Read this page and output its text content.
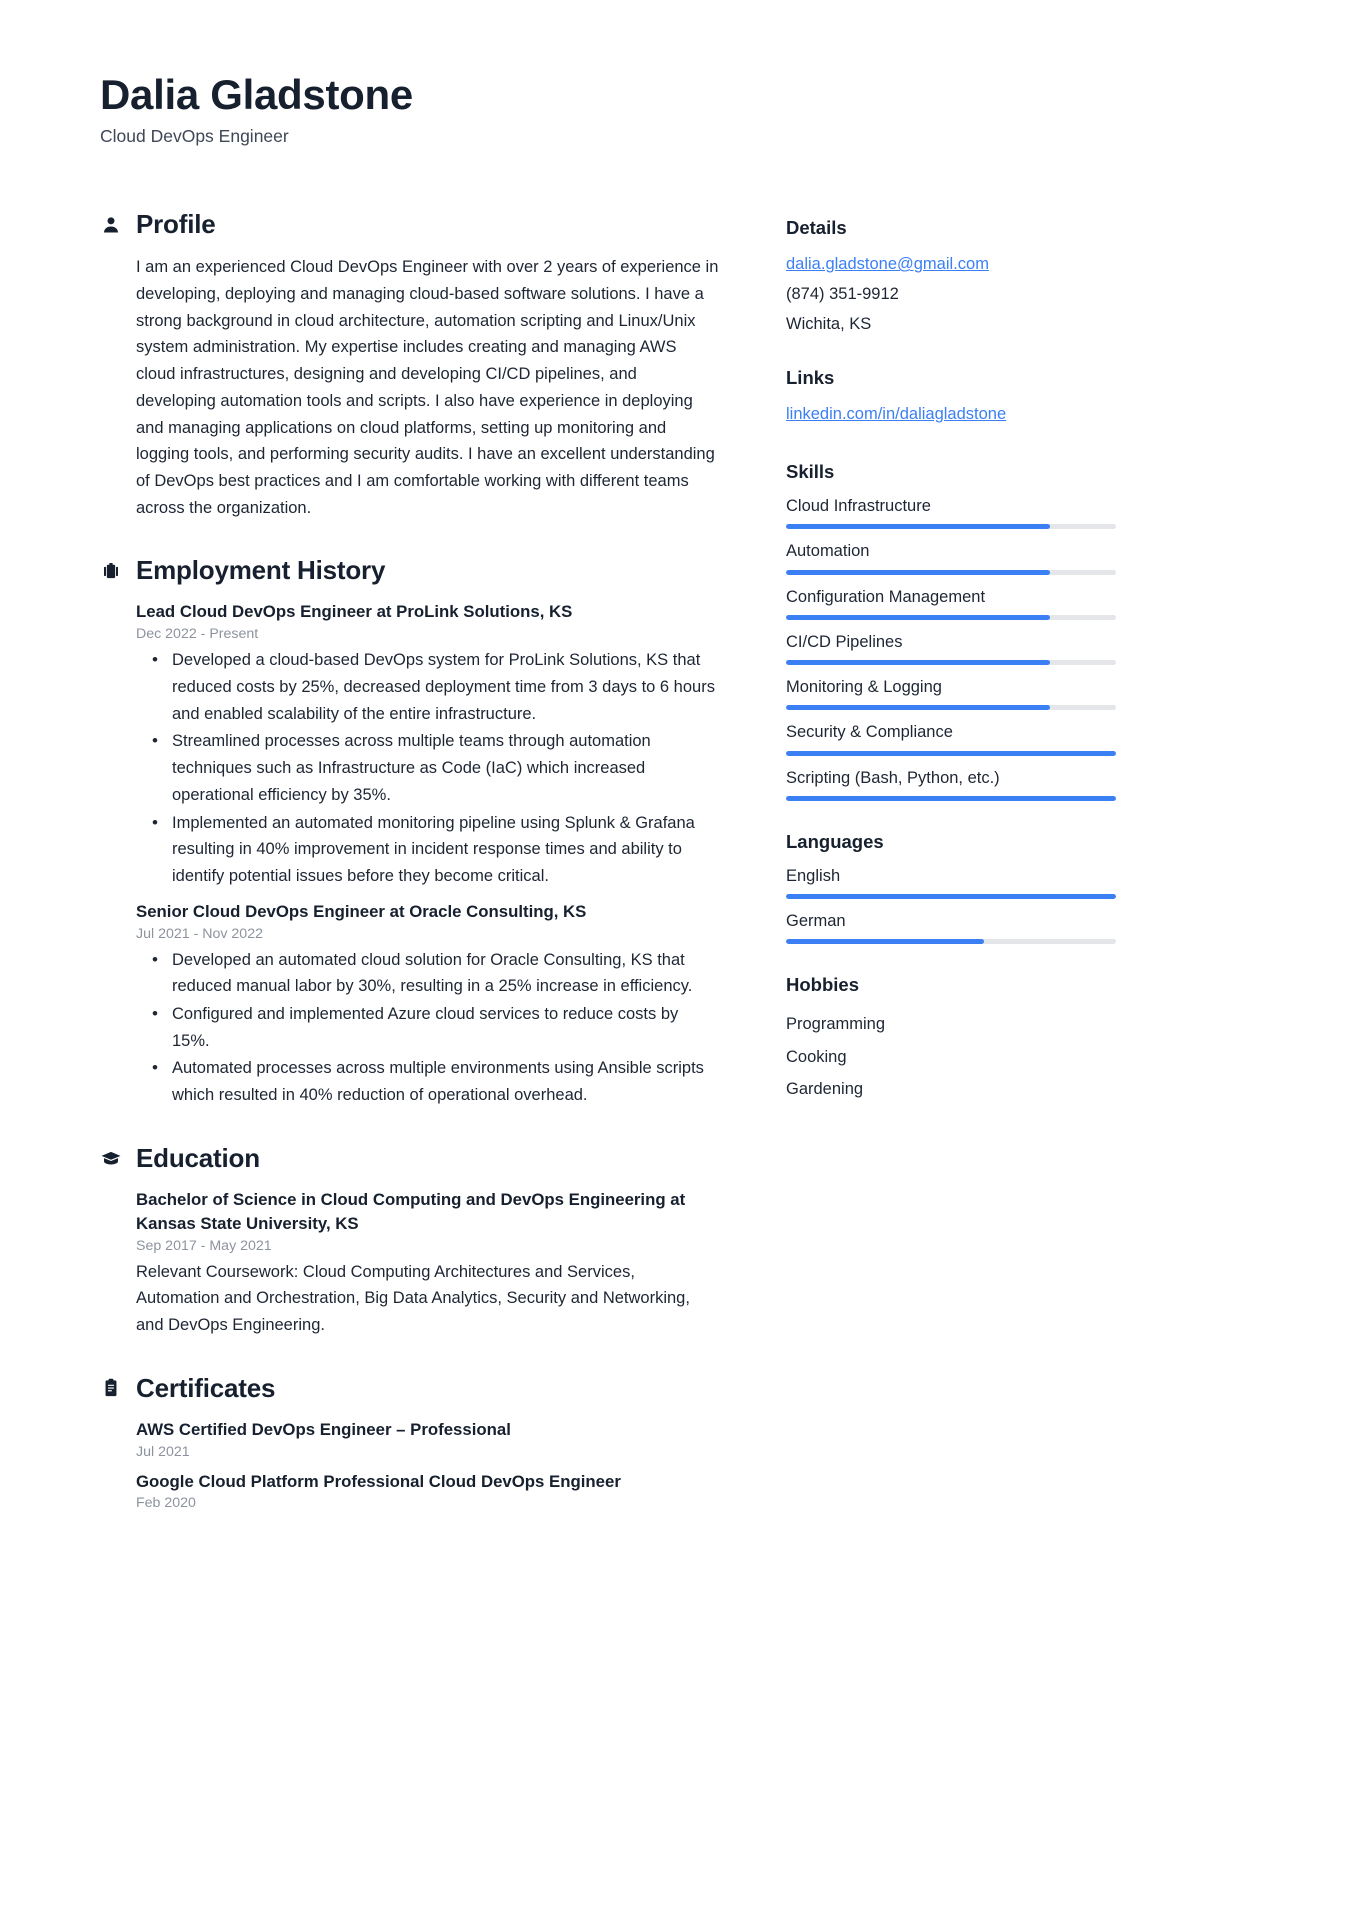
Dalia Gladstone
Cloud DevOps Engineer
Profile

I am an experienced Cloud DevOps Engineer with over 2 years of experience in developing, deploying and managing cloud-based software solutions. I have a strong background in cloud architecture, automation scripting and Linux/Unix system administration. My expertise includes creating and managing AWS cloud infrastructures, designing and developing CI/CD pipelines, and developing automation tools and scripts. I also have experience in deploying and managing applications on cloud platforms, setting up monitoring and logging tools, and performing security audits. I have an excellent understanding of DevOps best practices and I am comfortable working with different teams across the organization.

Employment History
Lead Cloud DevOps Engineer at ProLink Solutions, KS
Dec 2022 - Present
• Developed a cloud-based DevOps system for ProLink Solutions, KS that reduced costs by 25%, decreased deployment time from 3 days to 6 hours and enabled scalability of the entire infrastructure.
• Streamlined processes across multiple teams through automation techniques such as Infrastructure as Code (IaC) which increased operational efficiency by 35%.
• Implemented an automated monitoring pipeline using Splunk & Grafana resulting in 40% improvement in incident response times and ability to identify potential issues before they become critical.
Senior Cloud DevOps Engineer at Oracle Consulting, KS
Jul 2021 - Nov 2022
• Developed an automated cloud solution for Oracle Consulting, KS that reduced manual labor by 30%, resulting in a 25% increase in efficiency.
• Configured and implemented Azure cloud services to reduce costs by 15%.
• Automated processes across multiple environments using Ansible scripts which resulted in 40% reduction of operational overhead.
Education
Bachelor of Science in Cloud Computing and DevOps Engineering at Kansas State University, KS
Sep 2017 - May 2021
Relevant Coursework: Cloud Computing Architectures and Services, Automation and Orchestration, Big Data Analytics, Security and Networking, and DevOps Engineering.
Certificates
AWS Certified DevOps Engineer – Professional
Jul 2021
Google Cloud Platform Professional Cloud DevOps Engineer
Feb 2020
Details
dalia.gladstone@gmail.com
(874) 351-9912
Wichita, KS
Links
linkedin.com/in/daliagladstone
Skills
Cloud Infrastructure
Automation
Configuration Management
CI/CD Pipelines
Monitoring & Logging
Security & Compliance
Scripting (Bash, Python, etc.)
Languages
English
German
Hobbies
Programming
Cooking
Gardening
